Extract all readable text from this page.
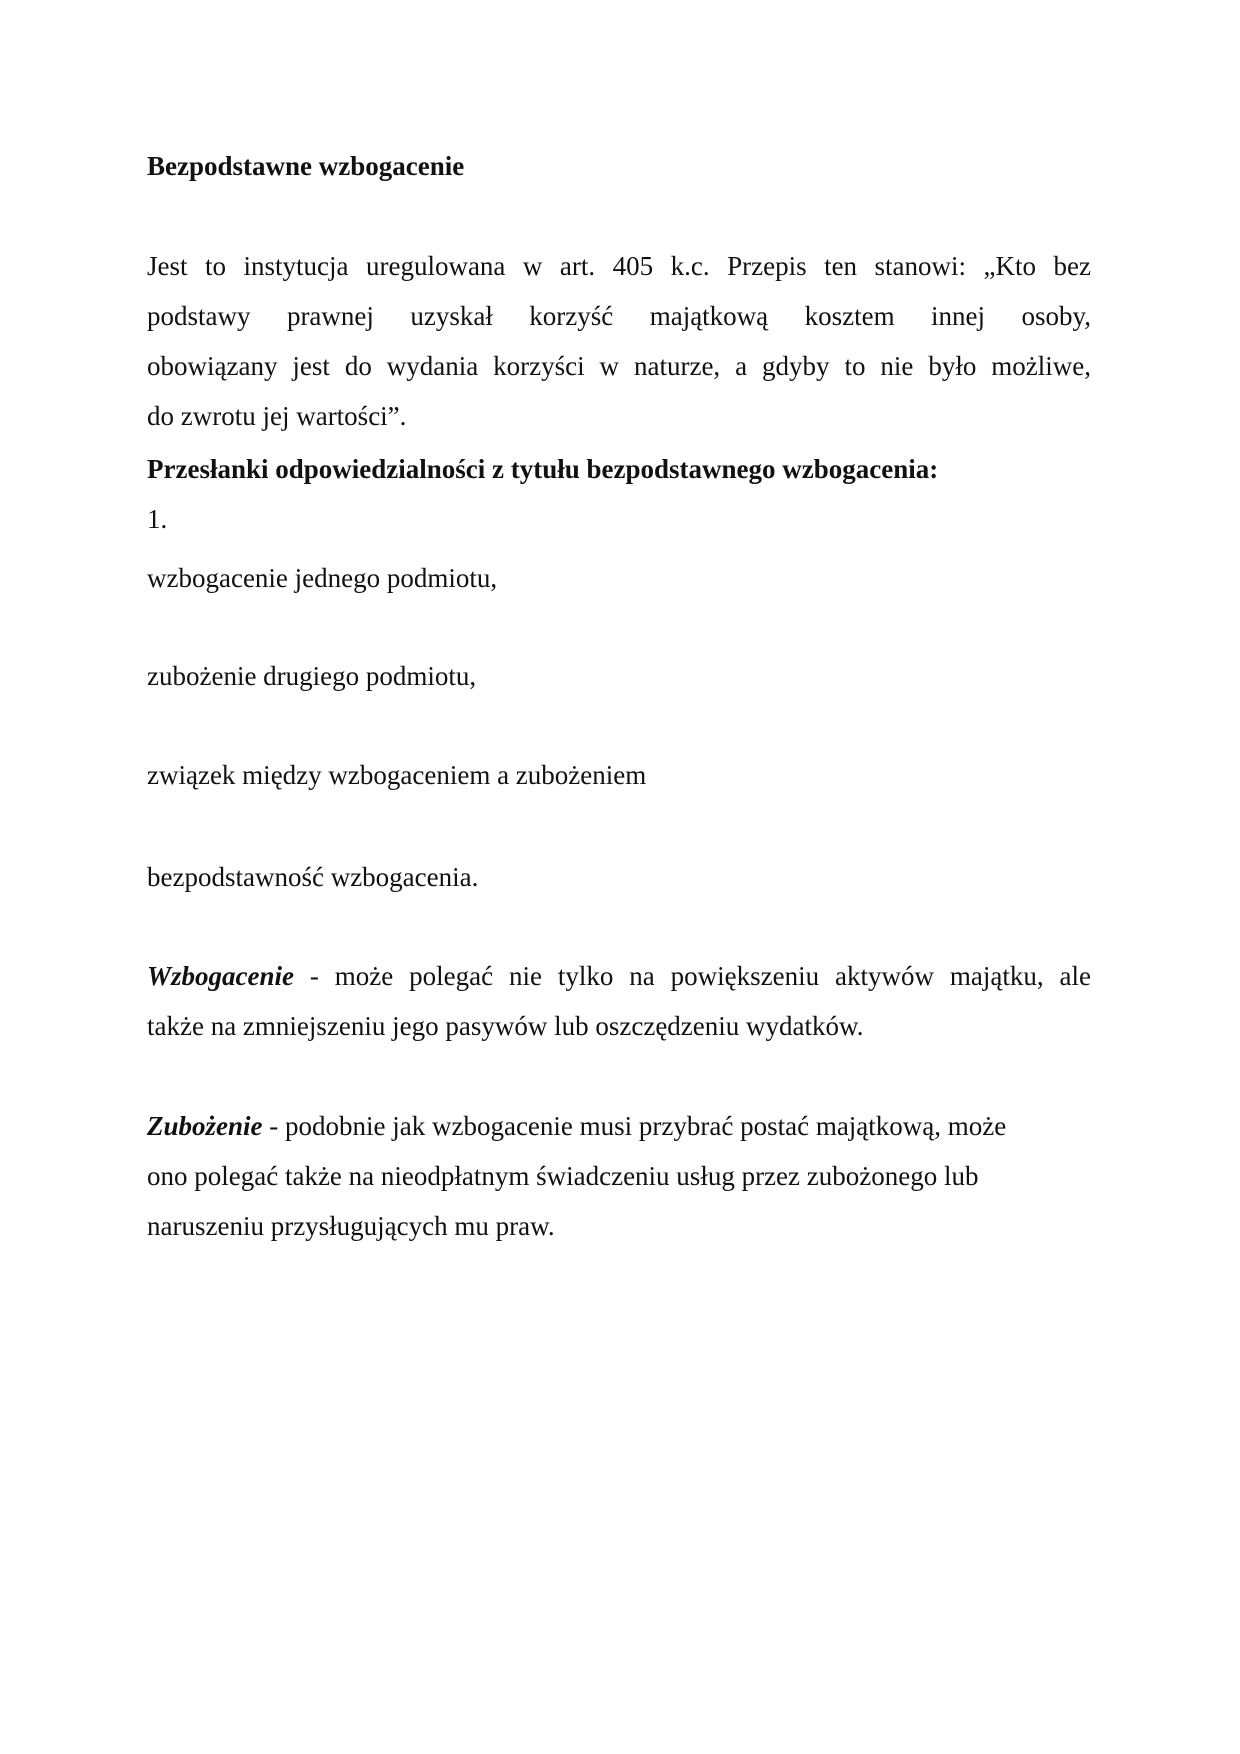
Bezpodstawne wzbogacenie

Jest to instytucja uregulowana w art. 405 k.c. Przepis ten stanowi: „Kto bez
podstawy prawnej uzyskał korzyść majątkową kosztem innej osoby,
obowiązany jest do wydania korzyści w naturze, a gdyby to nie było możliwe,
do zwrotu jej wartości”.

Przesłanki odpowiedzialności z tytułu bezpodstawnego wzbogacenia:

1.

wzbogacenie jednego podmiotu,

zubożenie drugiego podmiotu,

związek między wzbogaceniem a zubożeniem

bezpodstawność wzbogacenia.

Wzbogacenie - może polegać nie tylko na powiększeniu aktywów majątku, ale
także na zmniejszeniu jego pasywów lub oszczędzeniu wydatków.

Zubożenie - podobnie jak wzbogacenie musi przybrać postać majątkową, może
ono polegać także na nieodpłatnym świadczeniu usług przez zubożonego lub
naruszeniu przysługujących mu praw.
